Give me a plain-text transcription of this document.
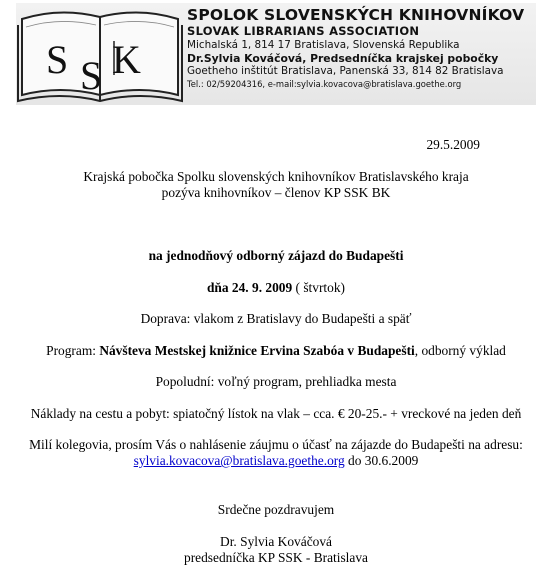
S S K
SPOLOK SLOVENSKÝCH KNIHOVNÍKOV
SLOVAK LIBRARIANS ASSOCIATION
Michalská 1, 814 17 Bratislava, Slovenská Republika
Dr.Sylvia Kováčová, Predsedníčka krajskej pobočky
Goetheho inštitút Bratislava, Panenská 33, 814 82 Bratislava
Tel.: 02/59204316, e-mail:sylvia.kovacova@bratislava.goethe.org
29.5.2009
Krajská pobočka Spolku slovenských knihovníkov Bratislavského kraja
pozýva knihovníkov – členov KP SSK BK
na jednodňový odborný zájazd do Budapešti
dňa 24. 9. 2009 ( štvrtok)
Doprava: vlakom z Bratislavy do Budapešti a späť
Program: Návšteva Mestskej knižnice Ervina Szabóa v Budapešti, odborný výklad
Popoludní: voľný program, prehliadka mesta
Náklady na cestu a pobyt: spiatočný lístok na vlak – cca. € 20-25.- + vreckové na jeden deň
Milí kolegovia, prosím Vás o nahlásenie záujmu o účasť na zájazde do Budapešti na adresu:
sylvia.kovacova@bratislava.goethe.org do 30.6.2009
Srdečne pozdravujem
Dr. Sylvia Kováčová
predsedníčka KP SSK - Bratislava
